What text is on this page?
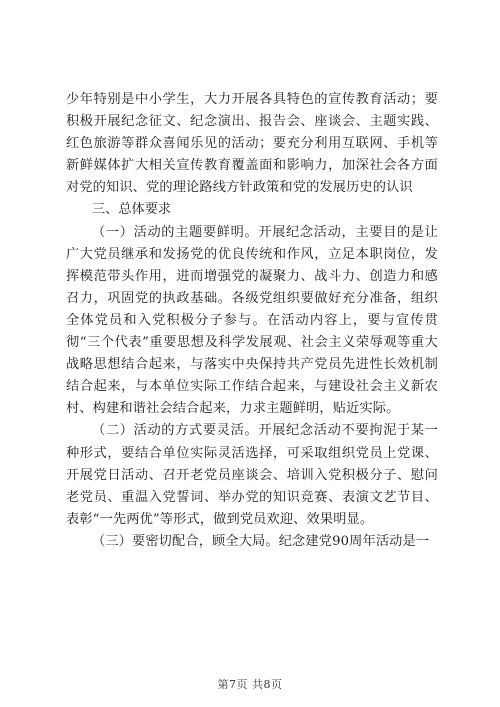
少年特别是中小学生，大力开展各具特色的宣传教育活动；要积极开展纪念征文、纪念演出、报告会、座谈会、主题实践、红色旅游等群众喜闻乐见的活动；要充分利用互联网、手机等新鲜媒体扩大相关宣传教育覆盖面和影响力，加深社会各方面对党的知识、党的理论路线方针政策和党的发展历史的认识

三、总体要求

（一）活动的主题要鲜明。开展纪念活动，主要目的是让广大党员继承和发扬党的优良传统和作风，立足本职岗位，发挥模范带头作用，进而增强党的凝聚力、战斗力、创造力和感召力，巩固党的执政基础。各级党组织要做好充分准备，组织全体党员和入党积极分子参与。在活动内容上，要与宣传贯彻“三个代表”重要思想及科学发展观、社会主义荣辱观等重大战略思想结合起来，与落实中央保持共产党员先进性长效机制结合起来，与本单位实际工作结合起来，与建设社会主义新农村、构建和谐社会结合起来，力求主题鲜明，贴近实际。

（二）活动的方式要灵活。开展纪念活动不要拘泥于某一种形式，要结合单位实际灵活选择，可采取组织党员上党课、开展党日活动、召开老党员座谈会、培训入党积极分子、慰问老党员、重温入党誓词、举办党的知识竞赛、表演文艺节目、表彰“一先两优”等形式，做到党员欢迎、效果明显。

（三）要密切配合，顾全大局。纪念建党90周年活动是一

第7页 共8页
